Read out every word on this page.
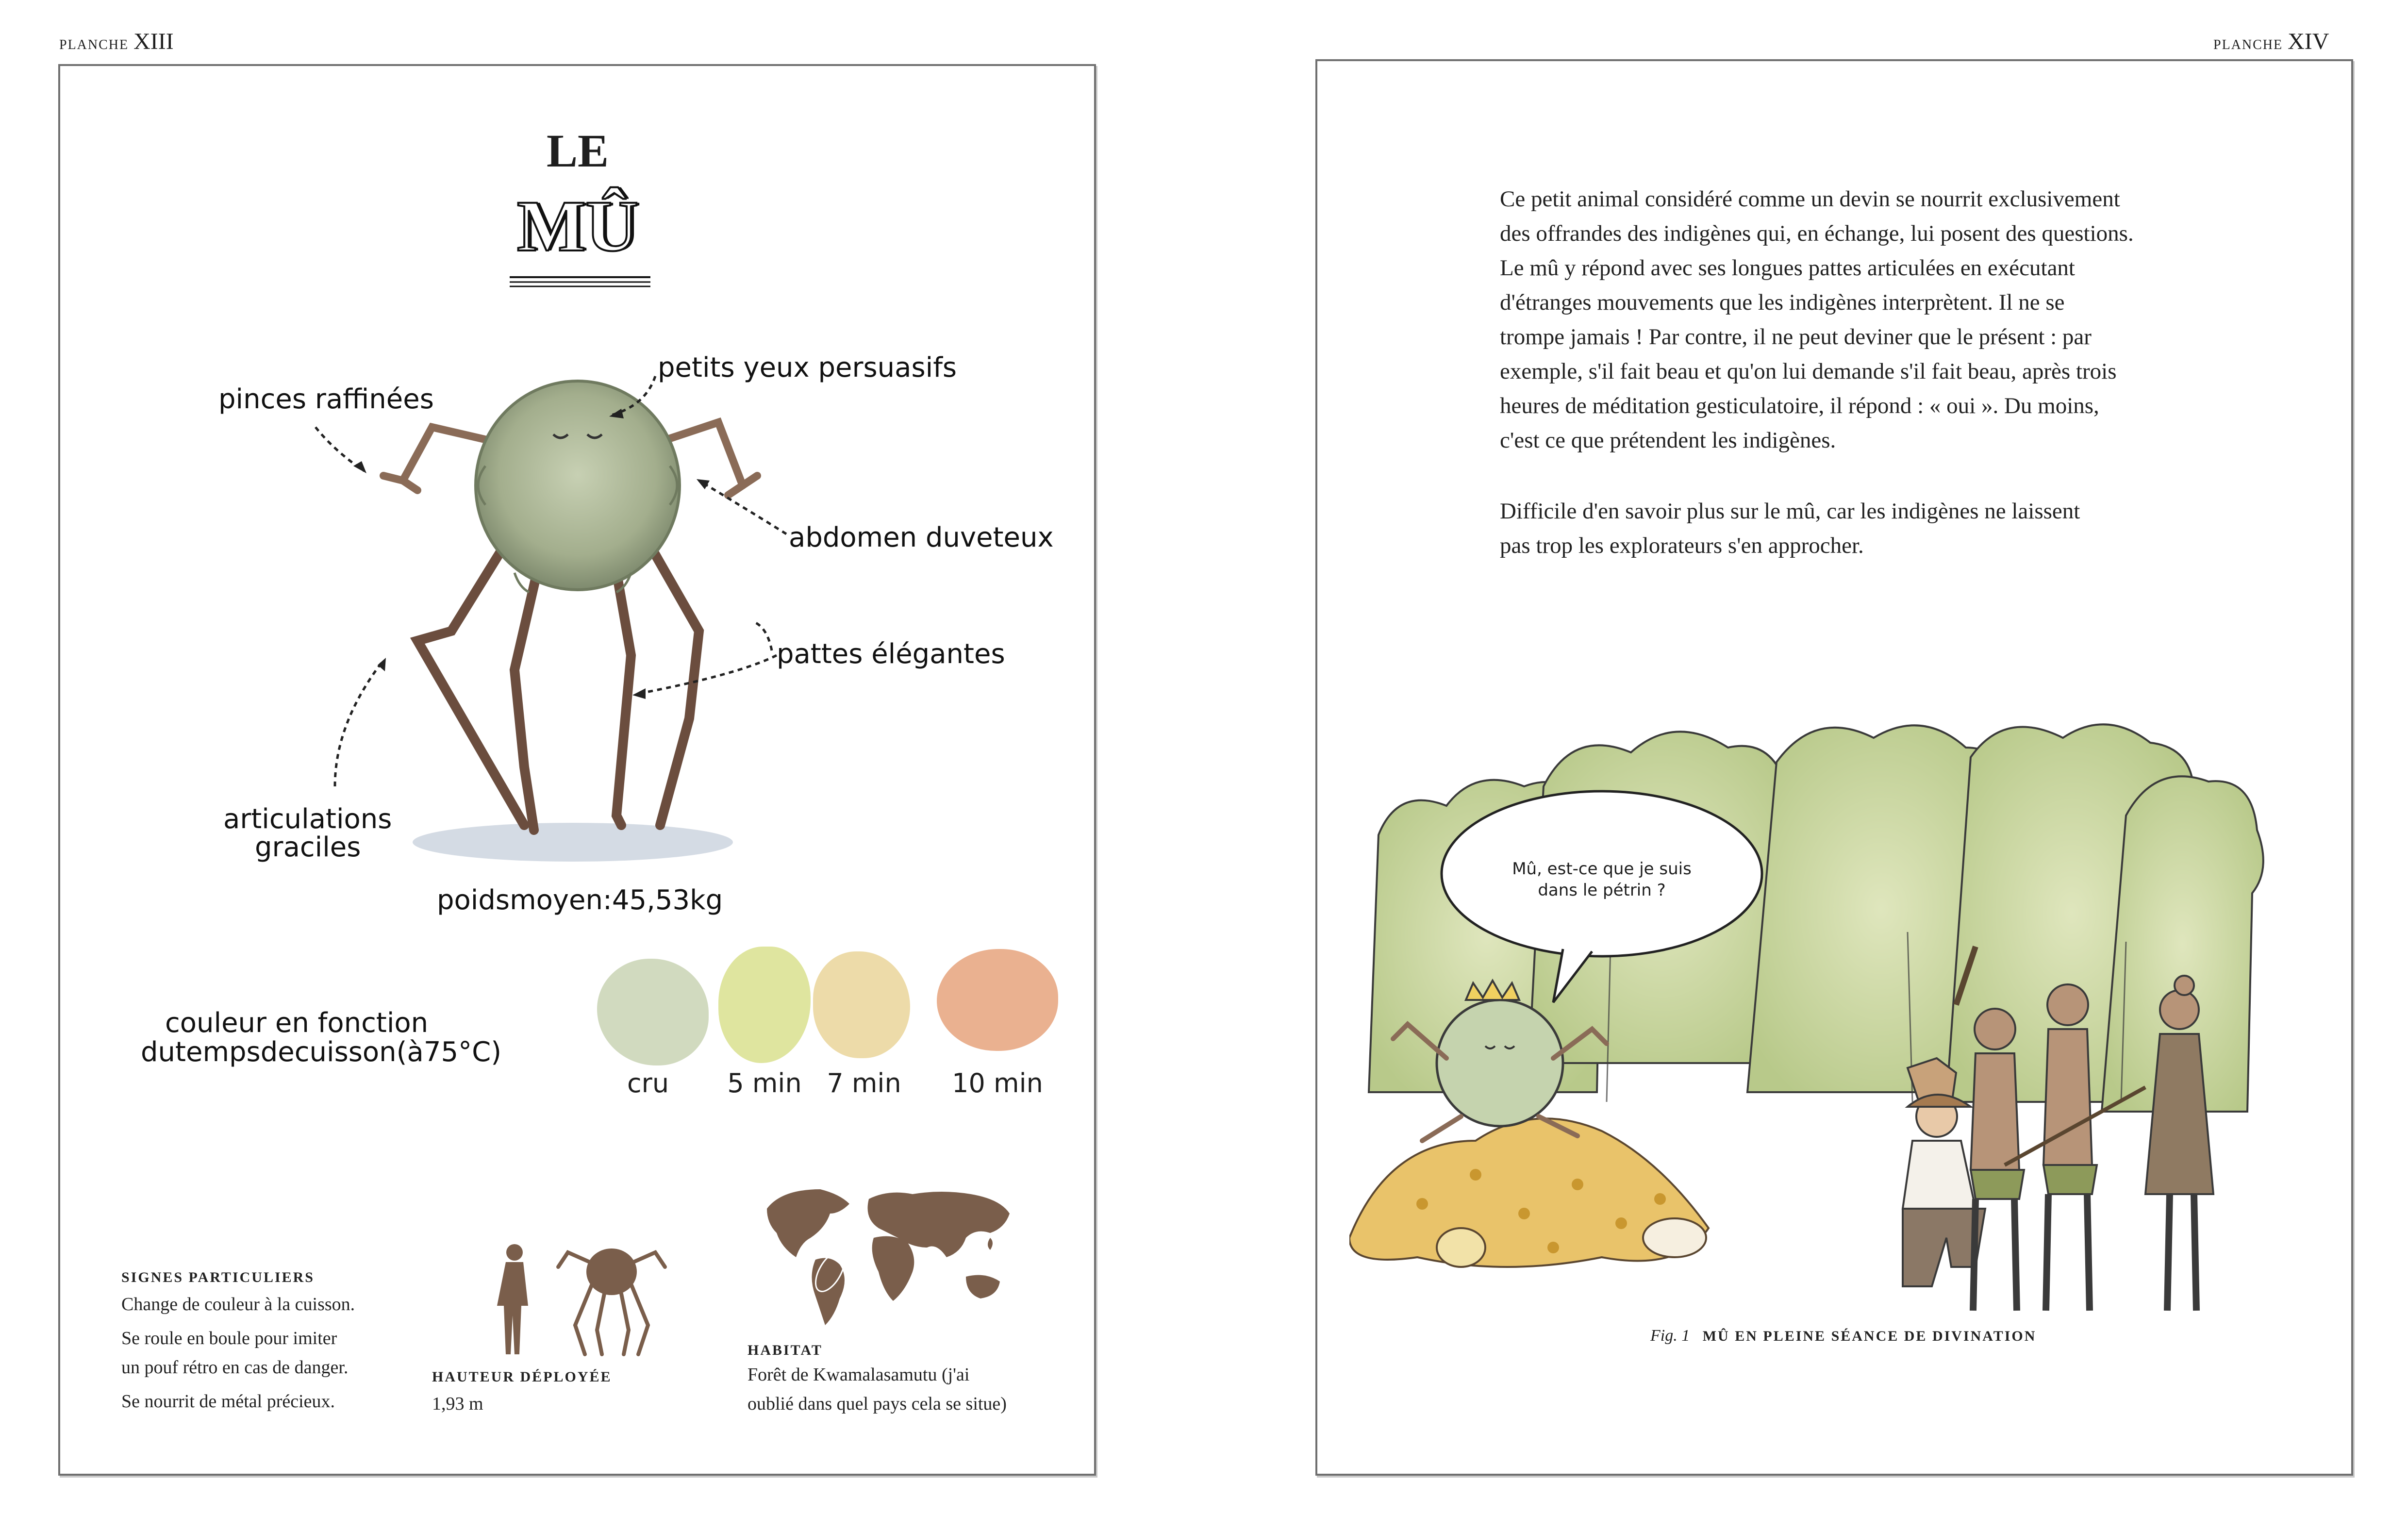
planche XIII
LE
MÛ
pinces raffinées
petits yeux persuasifs
abdomen duveteux
pattes élégantes
articulations
graciles
poidsmoyen:45,53kg
couleur en fonction
dutempsdecuisson(à75°C)
cru	5 min 7 min	10 min
SIGNES PARTICULIERS
Change de couleur à la cuisson.
Se roule en boule pour imiter
un pouf rétro en cas de danger.
Se nourrit de métal précieux.
HAUTEUR DÉPLOYÉE
1,93 m
HABITAT
Forêt de Kwamalasamutu (j'ai
oublié dans quel pays cela se situe)
planche XIV
Ce petit animal considéré comme un devin se nourrit exclusivement
des offrandes des indigènes qui, en échange, lui posent des questions.
Le mû y répond avec ses longues pattes articulées en exécutant
d'étranges mouvements que les indigènes interprètent. Il ne se
trompe jamais ! Par contre, il ne peut deviner que le présent : par
exemple, s'il fait beau et qu'on lui demande s'il fait beau, après trois
heures de méditation gesticulatoire, il répond : « oui ». Du moins,
c'est ce que prétendent les indigènes.
Difficile d'en savoir plus sur le mû, car les indigènes ne laissent
pas trop les explorateurs s'en approcher.
Mû, est-ce que je suis
dans le pétrin ?
Fig. 1 MÛ EN PLEINE SÉANCE DE DIVINATION
